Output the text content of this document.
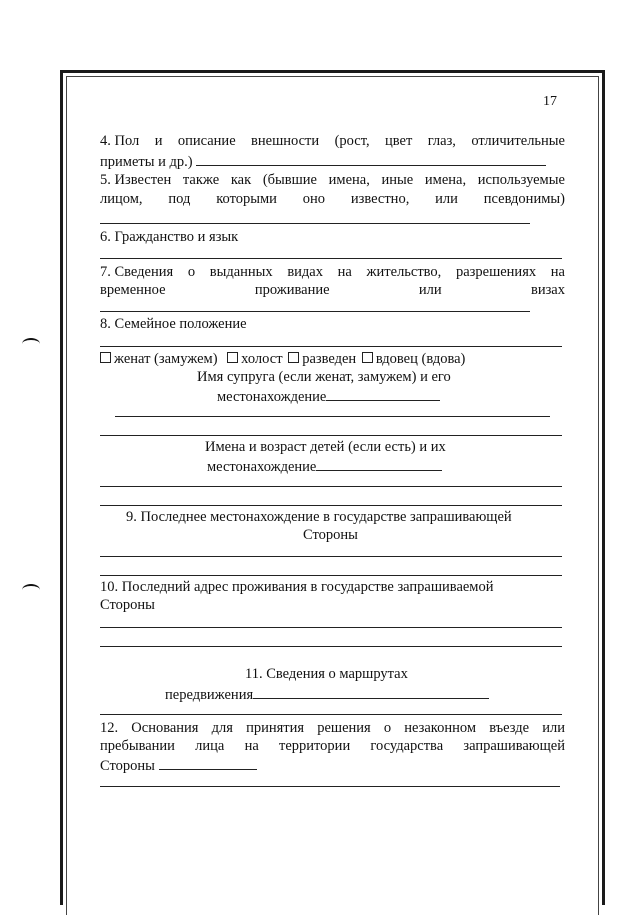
17
4. Пол и описание внешности (рост, цвет глаз, отличительные
приметы и др.)
5. Известен также как (бывшие имена, иные имена, используемые
лицом, под которыми оно известно, или псевдонимы)
6. Гражданство и язык
7. Сведения о выданных видах на жительство, разрешениях на
временное	проживание	или	визах
8. Семейное положение
женат (замужем) холост разведен вдовец (вдова)
Имя супруга (если женат, замужем) и его
местонахождение
Имена и возраст детей (если есть) и их
местонахождение
9. Последнее местонахождение в государстве запрашивающей
Стороны
10. Последний адрес проживания в государстве запрашиваемой
Стороны
11. Сведения о маршрутах
передвижения
12. Основания для принятия решения о незаконном въезде или
пребывании лица на территории государства запрашивающей
Стороны
